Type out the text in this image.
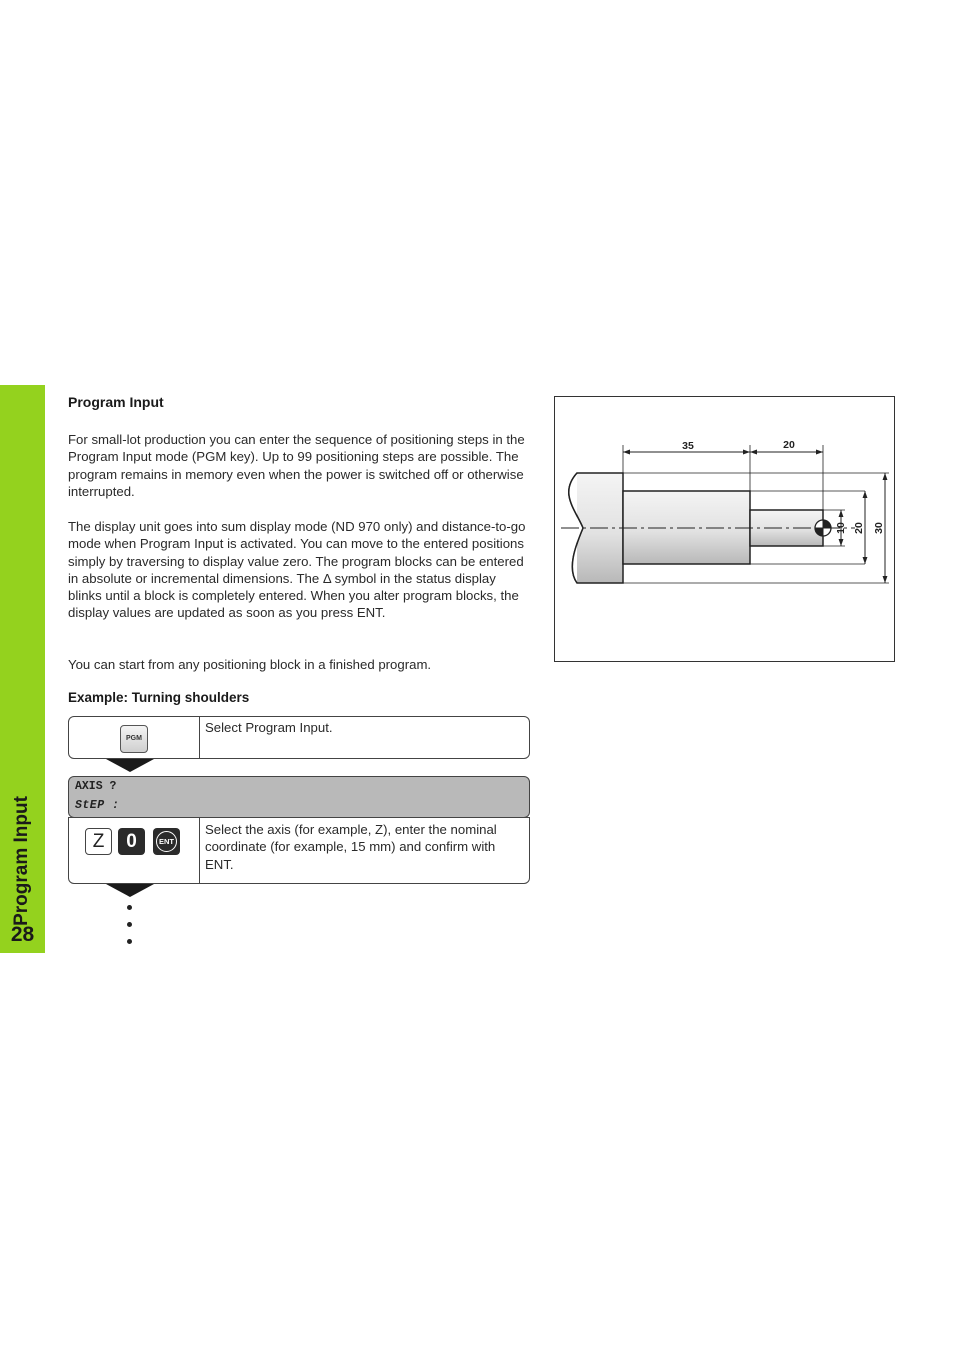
Program Input
28
Program Input

For small-lot production you can enter the sequence of positioning steps in the Program Input mode (PGM key). Up to 99 positioning steps are possible. The program remains in memory even when the power is switched off or otherwise interrupted.

The display unit goes into sum display mode (ND 970 only) and distance-to-go mode when Program Input is activated. You can move to the entered positions simply by traversing to display value zero. The program blocks can be entered in absolute or incremental dimensions. The Δ symbol in the status display blinks until a block is completely entered. When you alter program blocks, the display values are updated as soon as you press ENT.

You can start from any positioning block in a finished program.

Example: Turning shoulders
PGM
Select Program Input.
AXIS ?
StEP :
Z	0	ENT
Select the axis (for example, Z), enter the nominal coordinate (for example, 15 mm) and confirm with ENT.
35	20
10 20 30
